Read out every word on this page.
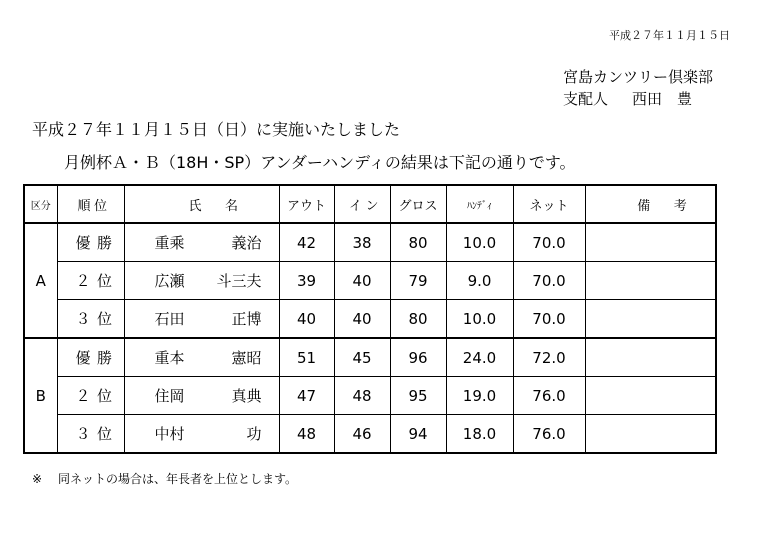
平成２７年１１月１５日
宮島カンツリー倶楽部
支配人 西田　豊
平成２７年１１月１５日（日）に実施いたしました
月例杯Ａ・Ｂ（18H・SP）アンダーハンディの結果は下記の通りです。
区分	順 位	氏 名	アウト	イ ン	グロス	ﾊﾝﾃﾞｨ	ネット	備 考
A	優 勝	重乘 義治	42	38	80	10.0	70.0	
	２ 位	広瀬 斗三夫	39	40	79	9.0	70.0	
	３ 位	石田 正博	40	40	80	10.0	70.0	
B	優 勝	重本 憲昭	51	45	96	24.0	72.0	
	２ 位	住岡 真典	47	48	95	19.0	76.0	
	３ 位	中村 功	48	46	94	18.0	76.0	
※ 同ネットの場合は、年長者を上位とします。
